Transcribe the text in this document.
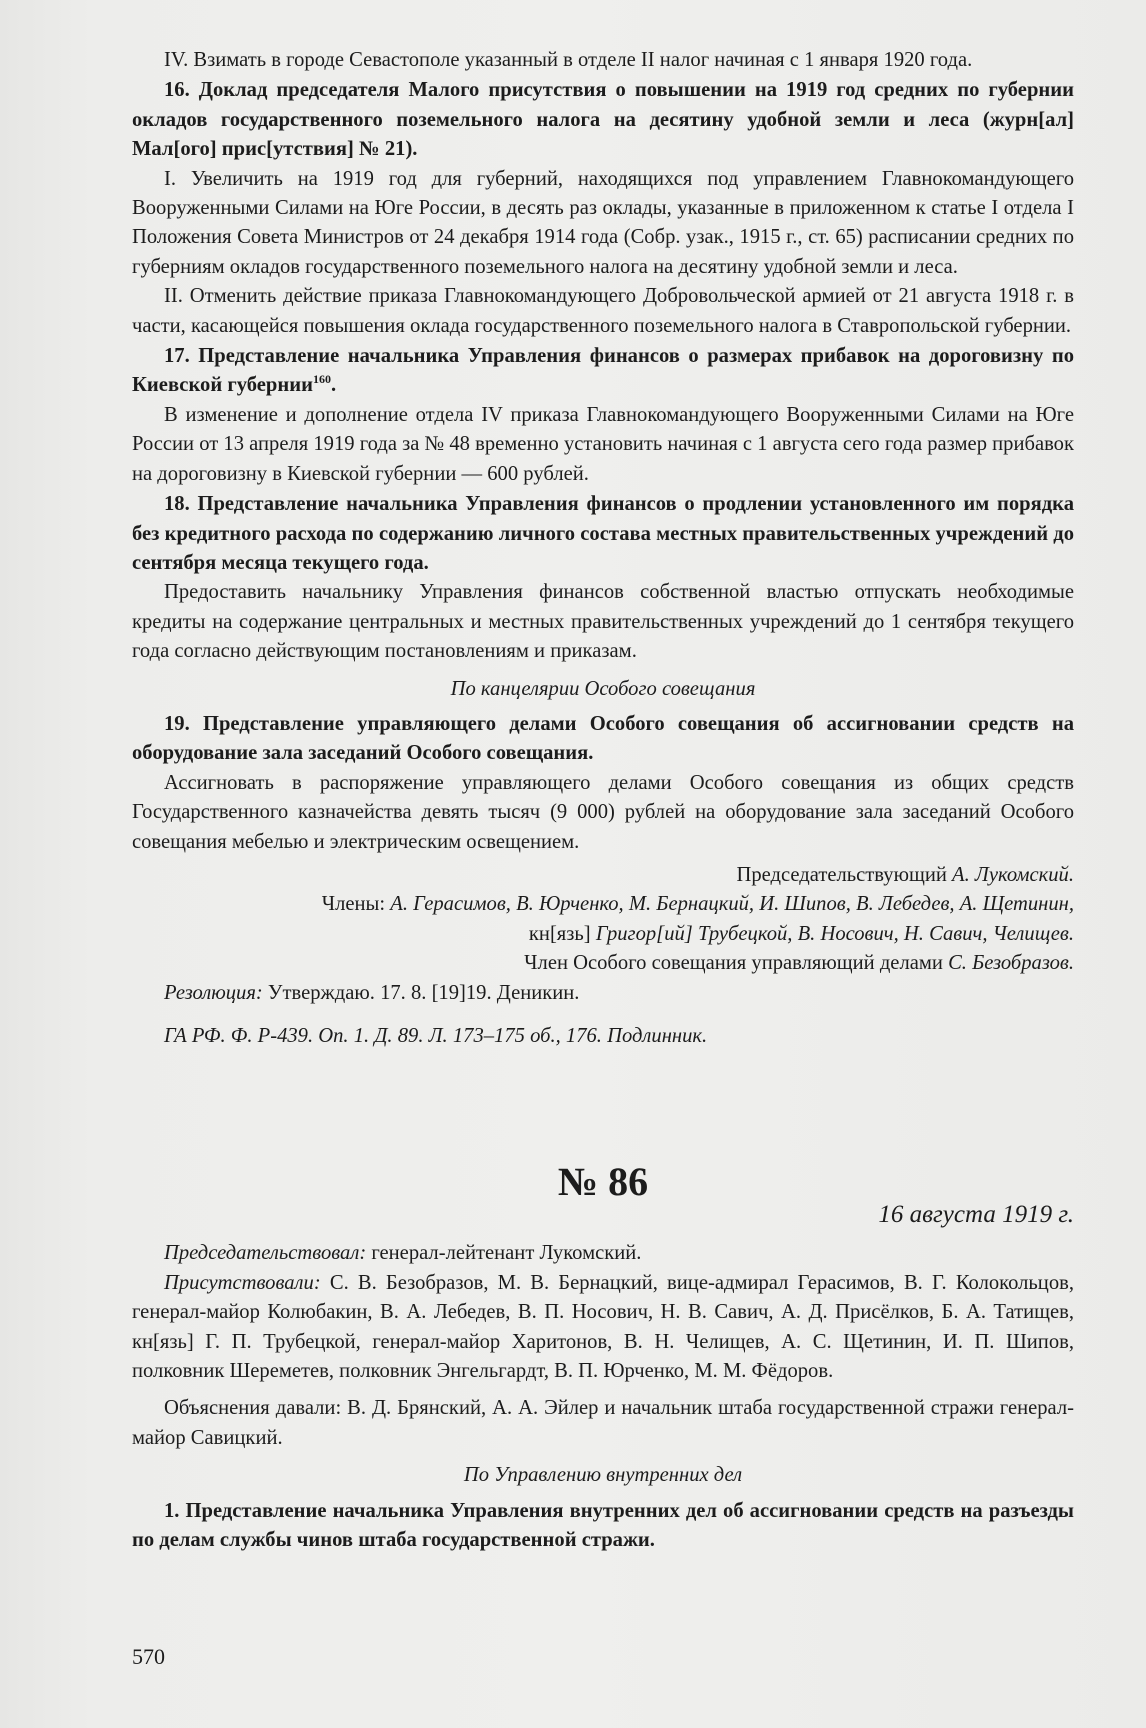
IV. Взимать в городе Севастополе указанный в отделе II налог начиная с 1 января 1920 года.

16. Доклад председателя Малого присутствия о повышении на 1919 год средних по губернии окладов государственного поземельного налога на десятину удобной земли и леса (журн[ал] Мал[ого] прис[утствия] № 21).

I. Увеличить на 1919 год для губерний, находящихся под управлением Главнокомандующего Вооруженными Силами на Юге России, в десять раз оклады, указанные в приложенном к статье I отдела I Положения Совета Министров от 24 декабря 1914 года (Собр. узак., 1915 г., ст. 65) расписании средних по губерниям окладов государственного поземельного налога на десятину удобной земли и леса.

II. Отменить действие приказа Главнокомандующего Добровольческой армией от 21 августа 1918 г. в части, касающейся повышения оклада государственного поземельного налога в Ставропольской губернии.

17. Представление начальника Управления финансов о размерах прибавок на дороговизну по Киевской губернии$^{160}$.

В изменение и дополнение отдела IV приказа Главнокомандующего Вооруженными Силами на Юге России от 13 апреля 1919 года за № 48 временно установить начиная с 1 августа сего года размер прибавок на дороговизну в Киевской губернии — 600 рублей.

18. Представление начальника Управления финансов о продлении установленного им порядка без кредитного расхода по содержанию личного состава местных правительственных учреждений до сентября месяца текущего года.

Предоставить начальнику Управления финансов собственной властью отпускать необходимые кредиты на содержание центральных и местных правительственных учреждений до 1 сентября текущего года согласно действующим постановлениям и приказам.

По канцелярии Особого совещания

19. Представление управляющего делами Особого совещания об ассигновании средств на оборудование зала заседаний Особого совещания.

Ассигновать в распоряжение управляющего делами Особого совещания из общих средств Государственного казначейства девять тысяч (9 000) рублей на оборудование зала заседаний Особого совещания мебелью и электрическим освещением.

Председательствующий А. Лукомский.

Члены: А. Герасимов, В. Юрченко, М. Бернацкий, И. Шипов, В. Лебедев, А. Щетинин,

кн[язь] Григор[ий] Трубецкой, В. Носович, Н. Савич, Челищев.

Член Особого совещания управляющий делами С. Безобразов.

Резолюция: Утверждаю. 17. 8. [19]19. Деникин.

ГА РФ. Ф. Р-439. Оп. 1. Д. 89. Л. 173–175 об., 176. Подлинник.

№ 86

16 августа 1919 г.

Председательствовал: генерал-лейтенант Лукомский.

Присутствовали: С. В. Безобразов, М. В. Бернацкий, вице-адмирал Герасимов, В. Г. Колокольцов, генерал-майор Колюбакин, В. А. Лебедев, В. П. Носович, Н. В. Савич, А. Д. Присёлков, Б. А. Татищев, кн[язь] Г. П. Трубецкой, генерал-майор Харитонов, В. Н. Челищев, А. С. Щетинин, И. П. Шипов, полковник Шереметев, полковник Энгельгардт, В. П. Юрченко, М. М. Фёдоров.

Объяснения давали: В. Д. Брянский, А. А. Эйлер и начальник штаба государственной стражи генерал-майор Савицкий.

По Управлению внутренних дел

1. Представление начальника Управления внутренних дел об ассигновании средств на разъезды по делам службы чинов штаба государственной стражи.

570
